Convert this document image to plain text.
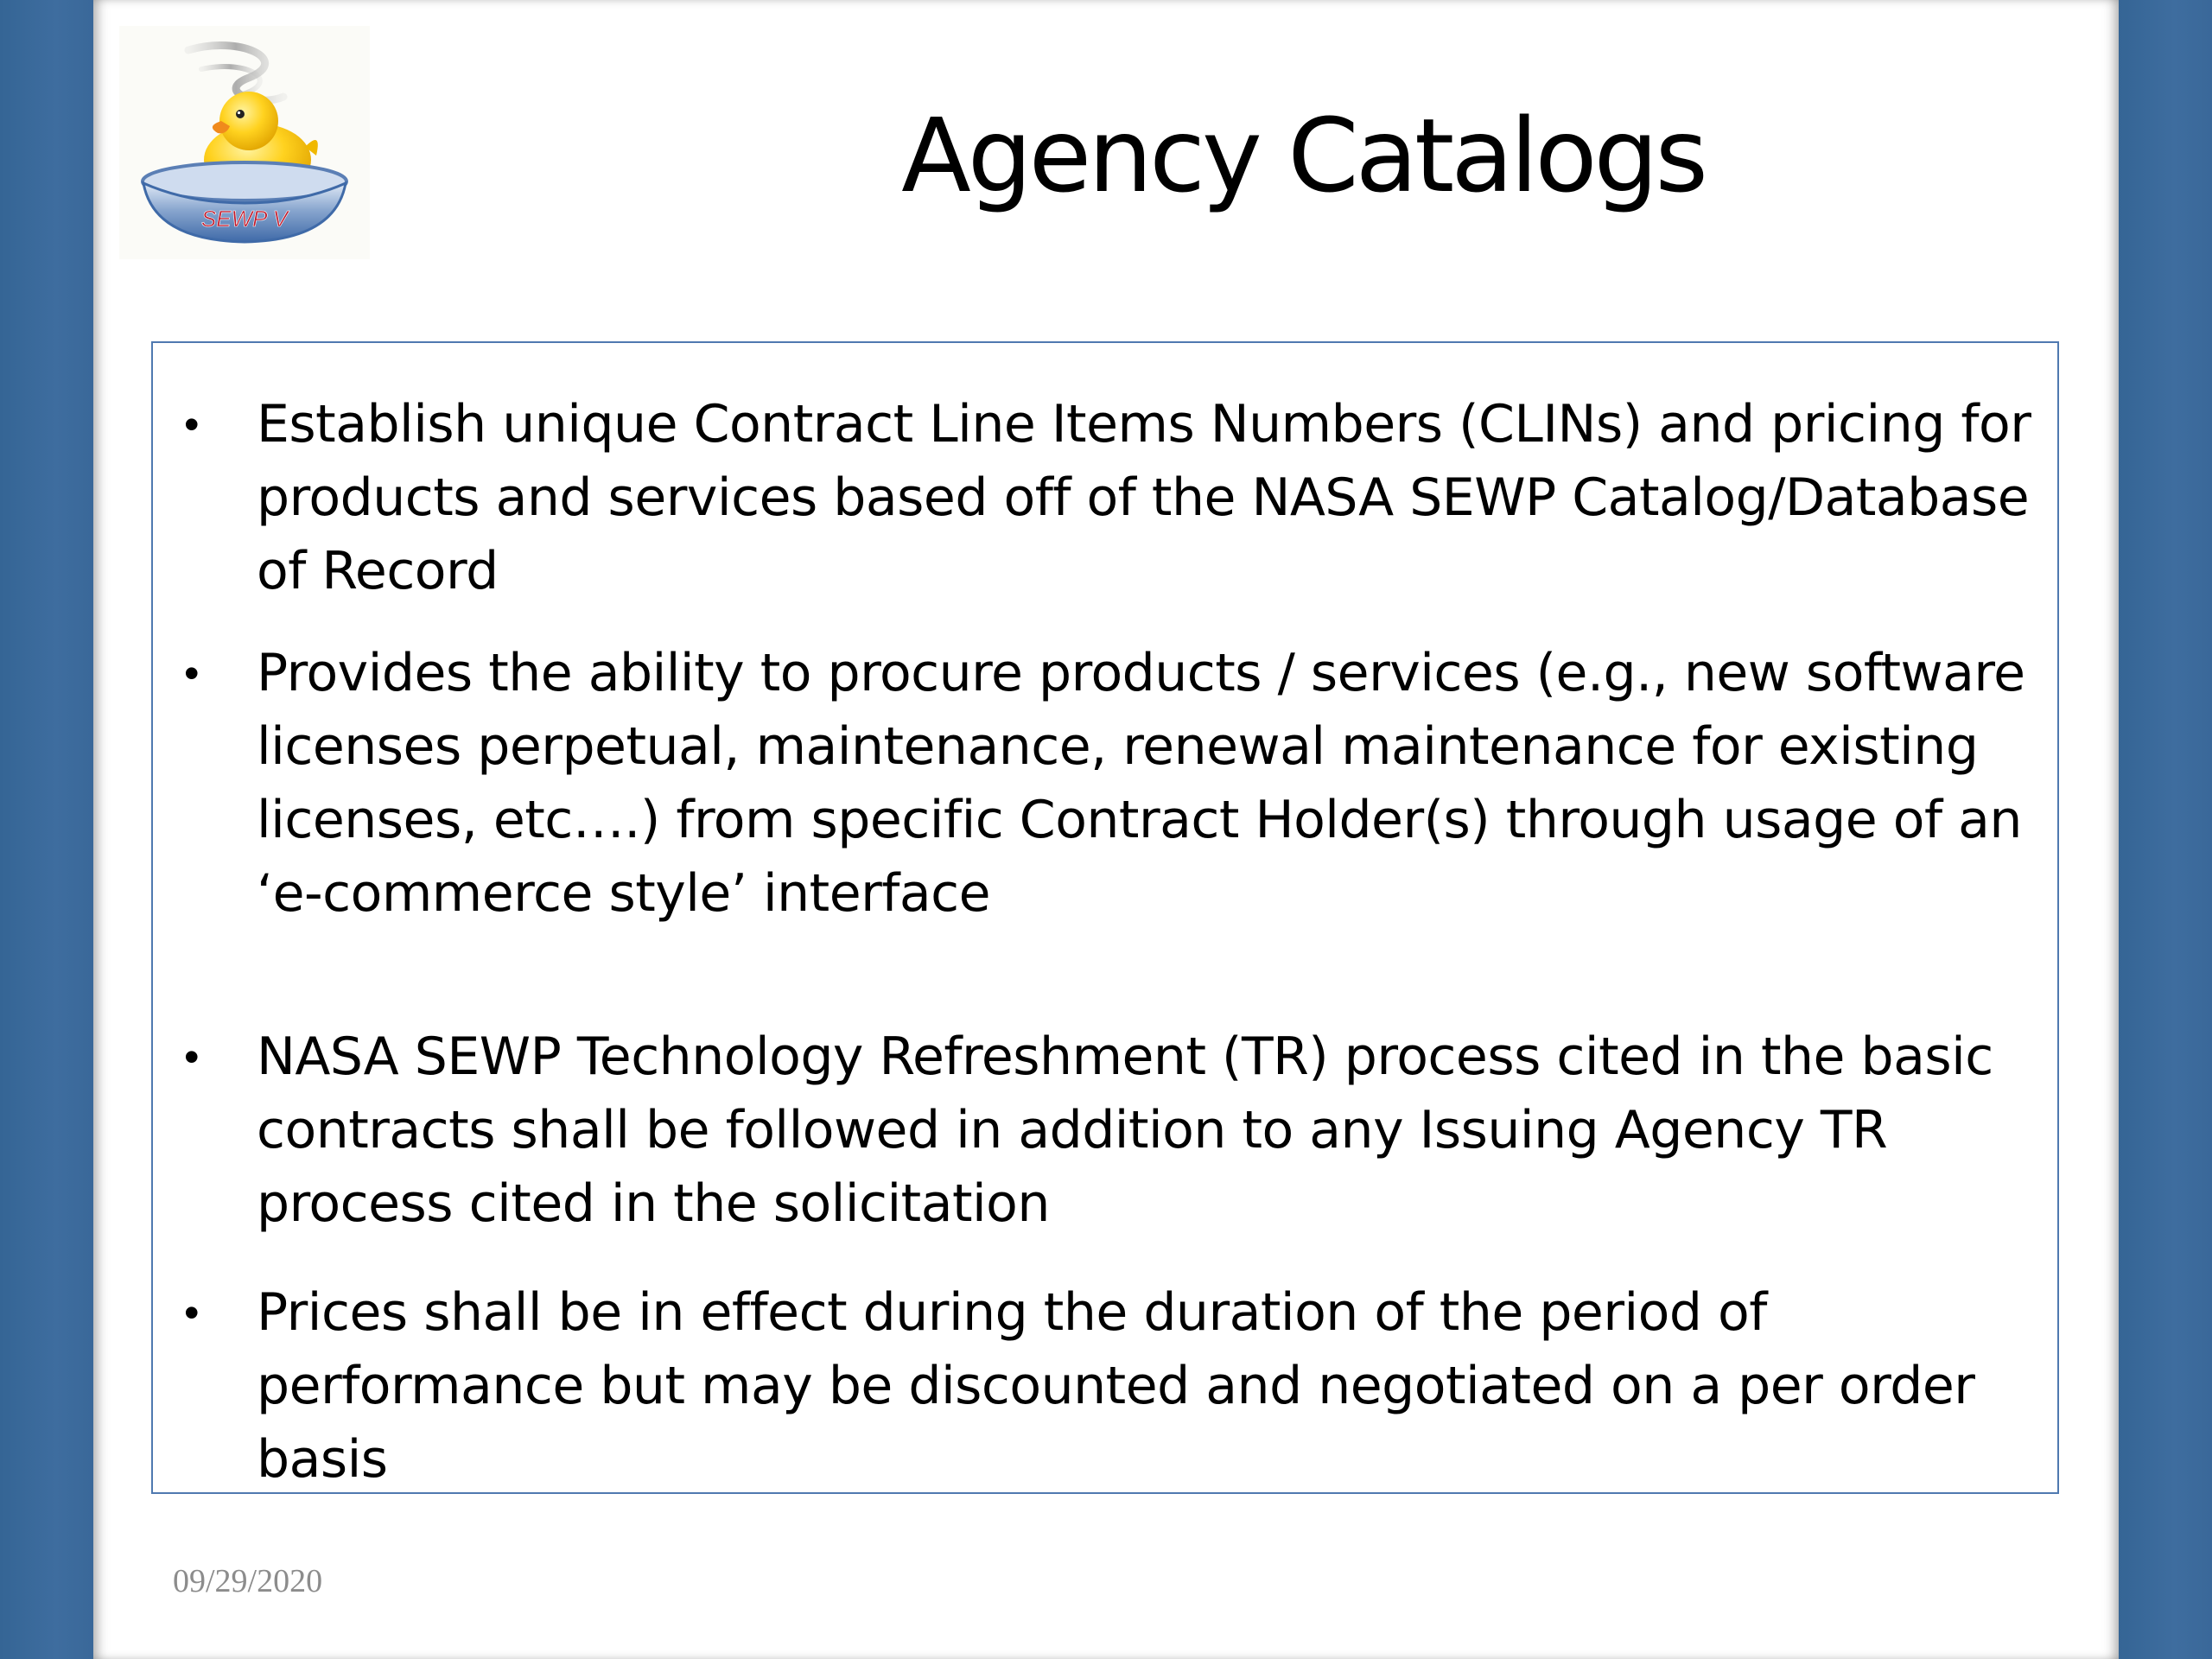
SEWP V
Agency Catalogs
• Establish unique Contract Line Items Numbers (CLINs) and pricing for products and services based off of the NASA SEWP Catalog/Database of Record
• Provides the ability to procure products / services (e.g., new software licenses perpetual, maintenance, renewal maintenance for existing licenses, etc….) from specific Contract Holder(s) through usage of an ‘e-commerce style’ interface
• NASA SEWP Technology Refreshment (TR) process cited in the basic contracts shall be followed in addition to any Issuing Agency TR process cited in the solicitation
• Prices shall be in effect during the duration of the period of performance but may be discounted and negotiated on a per order basis
09/29/2020
